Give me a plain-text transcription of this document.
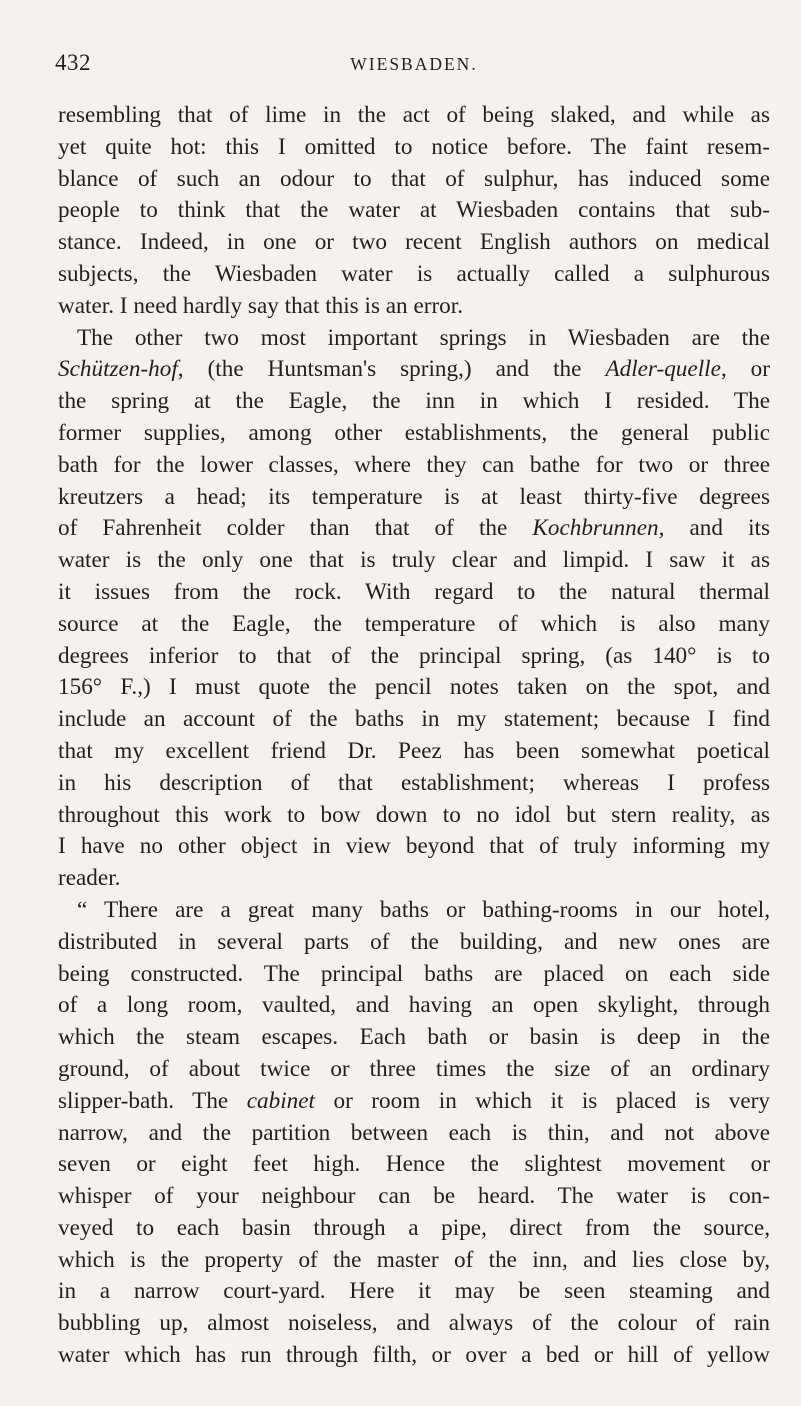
432	WIESBADEN.
resembling that of lime in the act of being slaked, and while as
yet quite hot: this I omitted to notice before. The faint resem-
blance of such an odour to that of sulphur, has induced some
people to think that the water at Wiesbaden contains that sub-
stance. Indeed, in one or two recent English authors on medical
subjects, the Wiesbaden water is actually called a sulphurous
water. I need hardly say that this is an error.
The other two most important springs in Wiesbaden are the
Schützen-hof, (the Huntsman's spring,) and the Adler-quelle, or
the spring at the Eagle, the inn in which I resided. The
former supplies, among other establishments, the general public
bath for the lower classes, where they can bathe for two or three
kreutzers a head; its temperature is at least thirty-five degrees
of Fahrenheit colder than that of the Kochbrunnen, and its
water is the only one that is truly clear and limpid. I saw it as
it issues from the rock. With regard to the natural thermal
source at the Eagle, the temperature of which is also many
degrees inferior to that of the principal spring, (as 140° is to
156° F.,) I must quote the pencil notes taken on the spot, and
include an account of the baths in my statement; because I find
that my excellent friend Dr. Peez has been somewhat poetical
in his description of that establishment; whereas I profess
throughout this work to bow down to no idol but stern reality, as
I have no other object in view beyond that of truly informing my
reader.
“ There are a great many baths or bathing-rooms in our hotel,
distributed in several parts of the building, and new ones are
being constructed. The principal baths are placed on each side
of a long room, vaulted, and having an open skylight, through
which the steam escapes. Each bath or basin is deep in the
ground, of about twice or three times the size of an ordinary
slipper-bath. The cabinet or room in which it is placed is very
narrow, and the partition between each is thin, and not above
seven or eight feet high. Hence the slightest movement or
whisper of your neighbour can be heard. The water is con-
veyed to each basin through a pipe, direct from the source,
which is the property of the master of the inn, and lies close by,
in a narrow court-yard. Here it may be seen steaming and
bubbling up, almost noiseless, and always of the colour of rain
water which has run through filth, or over a bed or hill of yellow
